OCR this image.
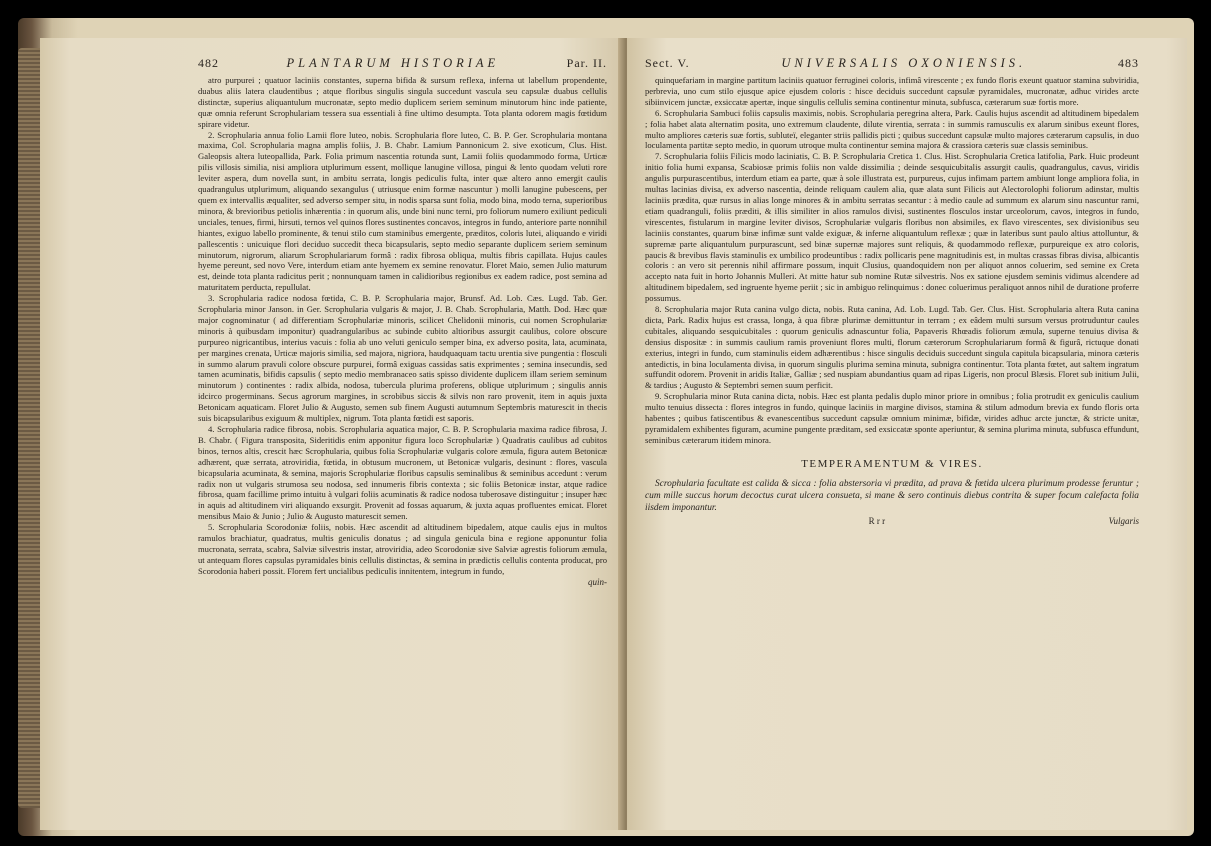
482	PLANTARUM HISTORIAE	Par. II.

atro purpurei ; quatuor laciniis constantes, superna bifida & sursum reflexa, inferna ut labellum propendente, duabus aliis latera claudentibus ; atque floribus singulis singula succedunt vascula seu capsulæ duabus cellulis distinctæ, superius aliquantulum mucronatæ, septo medio duplicem seriem seminum minutorum hinc inde patiente, quæ omnia referunt Scrophulariam tessera sua essentiali à fine ultimo desumpta. Tota planta odorem magis fœtidum spirare videtur.

2. Scrophularia annua folio Lamii flore luteo, nobis. Scrophularia flore luteo, C. B. P. Ger. Scrophularia montana maxima, Col. Scrophularia magna amplis foliis, J. B. Chabr. Lamium Pannonicum 2. sive exoticum, Clus. Hist. Galeopsis altera luteopallida, Park. Folia primum nascentia rotunda sunt, Lamii foliis quodammodo forma, Urticæ pilis villosis similia, nisi ampliora utplurimum essent, mollique lanugine villosa, pingui & lento quodam veluti rore leviter aspera, dum novella sunt, in ambitu serrata, longis pediculis fulta, inter quæ altero anno emergit caulis quadrangulus utplurimum, aliquando sexangulus ( utriusque enim formæ nascuntur ) molli lanugine pubescens, per quem ex intervallis æqualiter, sed adverso semper situ, in nodis sparsa sunt folia, modo bina, modo terna, superioribus minora, & brevioribus petiolis inhærentia : in quorum alis, unde bini nunc terni, pro foliorum numero exiliunt pediculi unciales, tenues, firmi, hirsuti, ternos vel quinos flores sustinentes concavos, integros in fundo, anteriore parte nonnihil hiantes, exiguo labello prominente, & tenui stilo cum staminibus emergente, præditos, coloris lutei, aliquando e viridi pallescentis : unicuique flori deciduo succedit theca bicapsularis, septo medio separante duplicem seriem seminum minutorum, nigrorum, aliarum Scrophulariarum formâ : radix fibrosa obliqua, multis fibris capillata. Hujus caules hyeme pereunt, sed novo Vere, interdum etiam ante hyemem ex semine renovatur. Floret Maio, semen Julio maturum est, deinde tota planta radicitus perit ; nonnunquam tamen in calidioribus regionibus ex eadem radice, post semina ad maturitatem perducta, repullulat.

3. Scrophularia radice nodosa fœtida, C. B. P. Scrophularia major, Brunsf. Ad. Lob. Cæs. Lugd. Tab. Ger. Scrophularia minor Janson. in Ger. Scrophularia vulgaris & major, J. B. Chab. Scrophularia, Matth. Dod. Hæc quæ major cognominatur ( ad differentiam Scrophulariæ minoris, scilicet Chelidonii minoris, cui nomen Scrophulariæ minoris à quibusdam imponitur) quadrangularibus ac subinde cubito altioribus assurgit caulibus, colore obscure purpureo nigricantibus, interius vacuis : folia ab uno veluti geniculo semper bina, ex adverso posita, lata, acuminata, per margines crenata, Urticæ majoris similia, sed majora, nigriora, haudquaquam tactu urentia sive pungentia : flosculi in summo alarum pravuli colore obscure purpurei, formâ exiguas cassidas satis exprimentes ; semina insecundis, sed tamen acuminatis, bifidis capsulis ( septo medio membranaceo satis spisso dividente duplicem illam seriem seminum minutorum ) continentes : radix albida, nodosa, tubercula plurima proferens, oblique utplurimum ; singulis annis idcirco progerminans. Secus agrorum margines, in scrobibus siccis & silvis non raro provenit, item in aquis juxta Betonicam aquaticam. Floret Julio & Augusto, semen sub finem Augusti autumnum Septembris maturescit in thecis suis bicapsularibus exiguum & multiplex, nigrum. Tota planta fœtidi est saporis.

4. Scrophularia radice fibrosa, nobis. Scrophularia aquatica major, C. B. P. Scrophularia maxima radice fibrosa, J. B. Chabr. ( Figura transposita, Sideritidis enim apponitur figura loco Scrophulariæ ) Quadratis caulibus ad cubitos binos, ternos altis, crescit hæc Scrophularia, quibus folia Scrophulariæ vulgaris colore æmula, figura autem Betonicæ adhærent, quæ serrata, atroviridia, fœtida, in obtusum mucronem, ut Betonicæ vulgaris, desinunt : flores, vascula bicapsularia acuminata, & semina, majoris Scrophulariæ floribus capsulis seminalibus & seminibus accedunt : verum radix non ut vulgaris strumosa seu nodosa, sed innumeris fibris contexta ; sic foliis Betonicæ instar, atque radice fibrosa, quam facillime primo intuitu à vulgari foliis acuminatis & radice nodosa tuberosave distinguitur ; insuper hæc in aquis ad altitudinem viri aliquando exsurgit. Provenit ad fossas aquarum, & juxta aquas profluentes emicat. Floret mensibus Maio & Junio ; Julio & Augusto maturescit semen.

5. Scrophularia Scorodoniæ foliis, nobis. Hæc ascendit ad altitudinem bipedalem, atque caulis ejus in multos ramulos brachiatur, quadratus, multis geniculis donatus ; ad singula genicula bina e regione apponuntur folia mucronata, serrata, scabra, Salviæ silvestris instar, atroviridia, adeo Scorodoniæ sive Salviæ agrestis foliorum æmula, ut antequam flores capsulas pyramidales binis cellulis distinctas, & semina in prædictis cellulis contenta producat, pro Scorodonia haberi possit. Florem fert uncialibus pediculis innitentem, integrum in fundo,

quin-
Sect. V.	UNIVERSALIS OXONIENSIS.	483

quinquefariam in margine partitum laciniis quatuor ferruginei coloris, infimâ virescente ; ex fundo floris exeunt quatuor stamina subviridia, perbrevia, uno cum stilo ejusque apice ejusdem coloris : hisce deciduis succedunt capsulæ pyramidales, mucronatæ, adhuc virides arcte sibiinvicem junctæ, exsiccatæ apertæ, inque singulis cellulis semina continentur minuta, subfusca, cæterarum suæ fortis more.

6. Scrophularia Sambuci foliis capsulis maximis, nobis. Scrophularia peregrina altera, Park. Caulis hujus ascendit ad altitudinem bipedalem ; folia habet alata alternatim posita, uno extremum claudente, dilute virentia, serrata : in summis ramusculis ex alarum sinibus exeunt flores, multo ampliores cæteris suæ fortis, subluteï, eleganter striis pallidis picti ; quibus succedunt capsulæ multo majores cæterarum capsulis, in duo loculamenta partitæ septo medio, in quorum utroque multa continentur semina majora & crassiora cæteris suæ classis seminibus.

7. Scrophularia foliis Filicis modo laciniatis, C. B. P. Scrophularia Cretica 1. Clus. Hist. Scrophularia Cretica latifolia, Park. Huic prodeunt initio folia humi expansa, Scabiosæ primis foliis non valde dissimilia ; deinde sesquicubitalis assurgit caulis, quadrangulus, cavus, viridis angulis purpurascentibus, interdum etiam ea parte, quæ à sole illustrata est, purpureus, cujus infimam partem ambiunt longe ampliora folia, in multas lacinias divisa, ex adverso nascentia, deinde reliquam caulem alia, quæ alata sunt Filicis aut Alectorolophi foliorum adinstar, multis laciniis prædita, quæ rursus in alias longe minores & in ambitu serratas secantur : à medio caule ad summum ex alarum sinu nascuntur rami, etiam quadranguli, foliis præditi, & illis similiter in alios ramulos divisi, sustinentes flosculos instar urceolorum, cavos, integros in fundo, virescentes, fistularum in margine leviter divisos, Scrophulariæ vulgaris floribus non absimiles, ex flavo virescentes, sex divisionibus seu laciniis constantes, quarum binæ infimæ sunt valde exiguæ, & inferne aliquantulum reflexæ ; quæ in lateribus sunt paulo altius attolluntur, & supremæ parte aliquantulum purpurascunt, sed binæ supernæ majores sunt reliquis, & quodammodo reflexæ, purpureique ex atro coloris, paucis & brevibus flavis staminulis ex umbilico prodeuntibus : radix pollicaris pene magnitudinis est, in multas crassas fibras divisa, albicantis coloris : an vero sit perennis nihil affirmare possum, inquit Clusius, quandoquidem non per aliquot annos coluerim, sed semine ex Creta accepto nata fuit in horto Johannis Mulleri. At mitte hatur sub nomine Rutæ silvestris. Nos ex satione ejusdem seminis vidimus alcendere ad altitudinem bipedalem, sed ingruente hyeme periit ; sic in ambiguo relinquimus : donec coluerimus peraliquot annos nihil de duratione proferre possumus.

8. Scrophularia major Ruta canina vulgo dicta, nobis. Ruta canina, Ad. Lob. Lugd. Tab. Ger. Clus. Hist. Scrophularia altera Ruta canina dicta, Park. Radix hujus est crassa, longa, à qua fibræ plurimæ demittuntur in terram ; ex eâdem multi sursum versus protruduntur caules cubitales, aliquando sesquicubitales : quorum geniculis adnascuntur folia, Papaveris Rhœadis foliorum æmula, superne tenuius divisa & densius dispositæ : in summis caulium ramis proveniunt flores multi, florum cæterorum Scrophulariarum formâ & figurâ, rictuque donati exterius, integri in fundo, cum staminulis eidem adhærentibus : hisce singulis deciduis succedunt singula capitula bicapsularia, minora cæteris antedictis, in bina loculamenta divisa, in quorum singulis plurima semina minuta, subnigra continentur. Tota planta fœtet, aut saltem ingratum suffundit odorem. Provenit in aridis Italiæ, Galliæ ; sed nuspiam abundantius quam ad ripas Ligeris, non procul Blæsis. Floret sub initium Julii, & tardius ; Augusto & Septembri semen suum perficit.

9. Scrophularia minor Ruta canina dicta, nobis. Hæc est planta pedalis duplo minor priore in omnibus ; folia protrudit ex geniculis caulium multo tenuius dissecta : flores integros in fundo, quinque laciniis in margine divisos, stamina & stilum admodum brevia ex fundo floris orta habentes ; quibus fatiscentibus & evanescentibus succedunt capsulæ omnium minimæ, bifidæ, virides adhuc arcte junctæ, & stricte unitæ, pyramidalem exhibentes figuram, acumine pungente præditam, sed exsiccatæ sponte aperiuntur, & semina plurima minuta, subfusca effundunt, seminibus cæterarum itidem minora.

TEMPERAMENTUM & VIRES.

Scrophularia facultate est calida & sicca : folia abstersoria vi prædita, ad prava & fœtida ulcera plurimum prodesse feruntur ; cum mille succus horum decoctus curat ulcera consueta, si mane & sero continuis diebus contrita & super focum calefacta folia iisdem imponantur.

R r r	Vulgaris
